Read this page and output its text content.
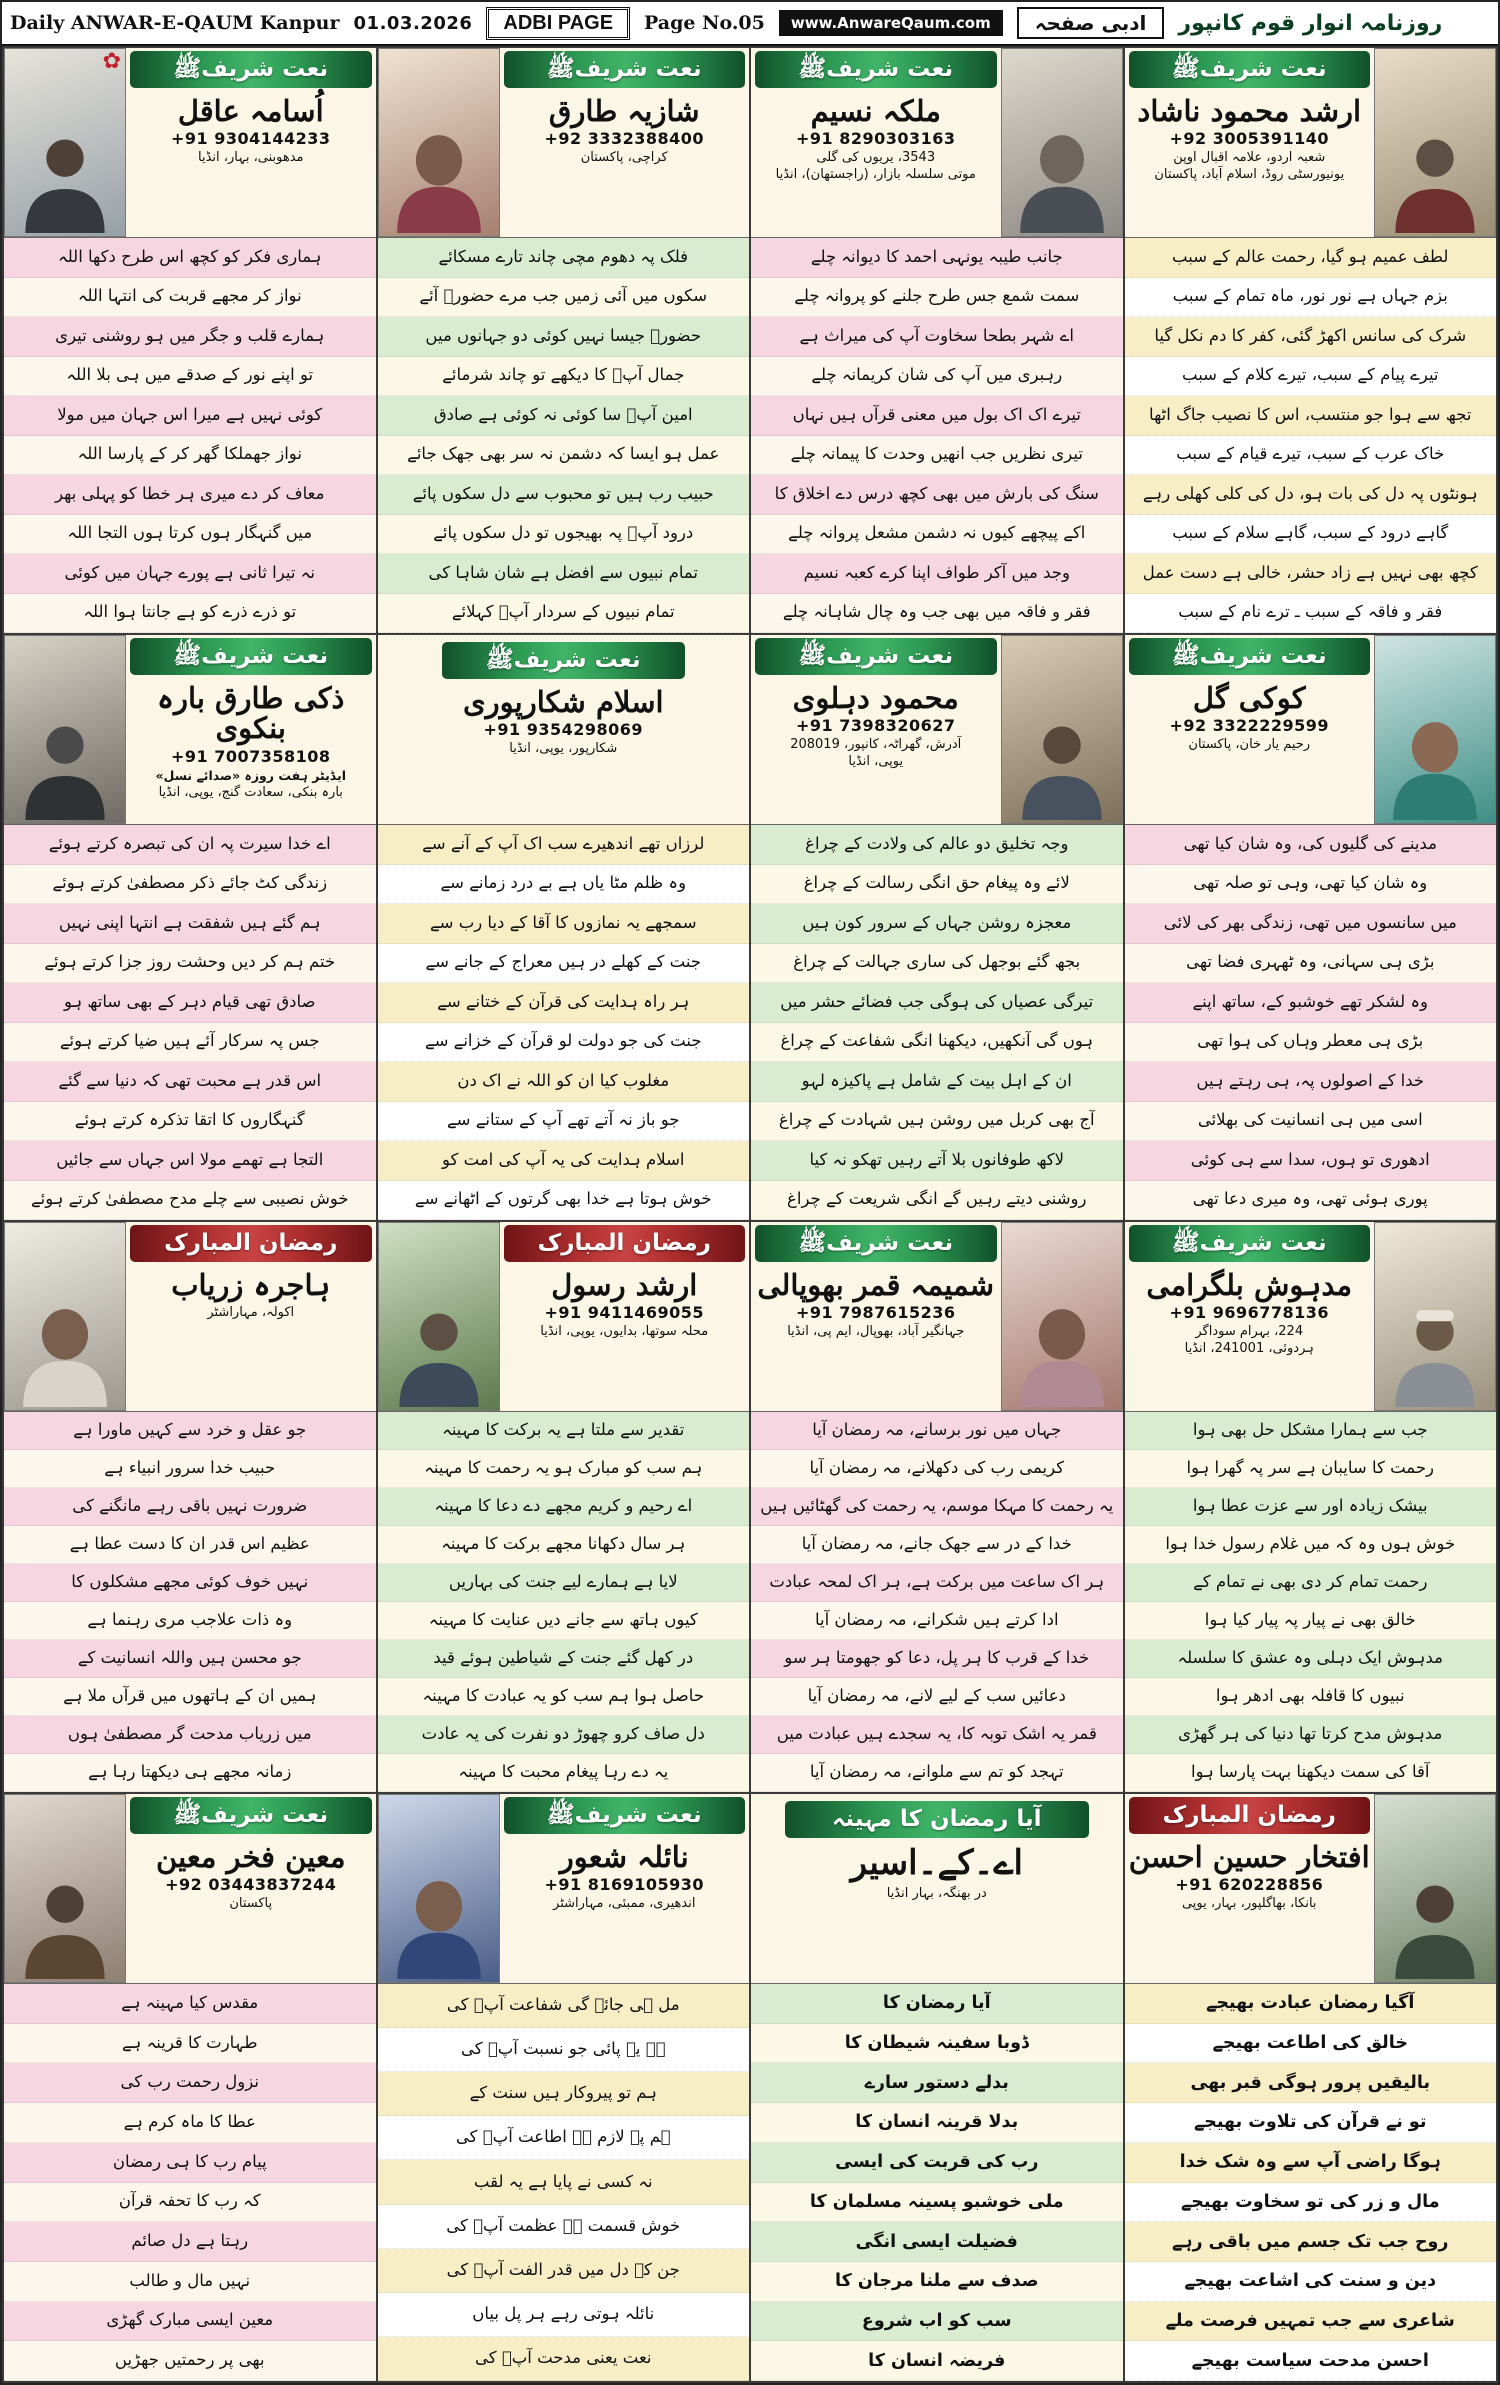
Daily ANWAR-E-QAUM Kanpur 01.03.2026	ADBI PAGE	Page No.05	www.AnwareQaum.com	ادبی صفحہ	روزنامہ انوار قوم کانپور
✿	نعت شریفﷺ
اُسامہ عاقل
+91 9304144233
مدھوبنی، بہار، انڈیا
ہماری فکر کو کچھ اس طرح دکھا اللہ
نواز کر مجھے قربت کی انتہا اللہ
ہمارے قلب و جگر میں ہو روشنی تیری
تو اپنے نور کے صدقے میں ہی بلا اللہ
کوئی نہیں ہے میرا اس جہان میں مولا
نواز جھملکا گھر کر کے پارسا اللہ
معاف کر دے میری ہر خطا کو پہلی بھر
میں گنہگار ہوں کرتا ہوں التجا اللہ
نہ تیرا ثانی ہے پورے جہان میں کوئی
تو ذرے ذرے کو ہے جانتا ہوا اللہ
نعت شریفﷺ
شازیہ طارق
+92 3332388400
کراچی، پاکستان
فلک پہ دھوم مچی چاند تارے مسکائے
سکوں میں آئی زمیں جب مرے حضورؐ آئے
حضورؐ جیسا نہیں کوئی دو جہانوں میں
جمال آپؐ کا دیکھے تو چاند شرمائے
امین آپؐ سا کوئی نہ کوئی ہے صادق
عمل ہو ایسا کہ دشمن نہ سر بھی جھک جائے
حبیب رب ہیں تو محبوب سے دل سکوں پائے
درود آپؐ پہ بھیجوں تو دل سکوں پائے
تمام نبیوں سے افضل ہے شان شاہا کی
تمام نبیوں کے سردار آپؐ کہلائے
نعت شریفﷺ
ملکہ نسیم
+91 8290303163
3543، یریوں کی گلی
موتی سلسلہ بازار، (راجستھان)، انڈیا
جانب طیبہ یونہی احمد کا دیوانہ چلے
سمت شمع جس طرح جلنے کو پروانہ چلے
اے شہر بطحا سخاوت آپ کی میراث ہے
رہبری میں آپ کی شان کریمانہ چلے
تیرے اک اک بول میں معنی قرآں ہیں نہاں
تیری نظریں جب انھیں وحدت کا پیمانہ چلے
سنگ کی بارش میں بھی کچھ درس دے اخلاق کا
اکے پیچھے کیوں نہ دشمن مشعل پروانہ چلے
وجد میں آکر طواف اپنا کرے کعبہ نسیم
فقر و فاقہ میں بھی جب وہ چال شاہانہ چلے
نعت شریفﷺ
ارشد محمود ناشاد
+92 3005391140
شعبہ اردو، علامہ اقبال اوپن
یونیورسٹی روڈ، اسلام آباد، پاکستان
لطف عمیم ہو گیا، رحمت عالم کے سبب
بزم جہاں ہے نور نور، ماہ تمام کے سبب
شرک کی سانس اکھڑ گئی، کفر کا دم نکل گیا
تیرے پیام کے سبب، تیرے کلام کے سبب
تجھ سے ہوا جو منتسب، اس کا نصیب جاگ اٹھا
خاک عرب کے سبب، تیرے قیام کے سبب
ہونٹوں پہ دل کی بات ہو، دل کی کلی کھلی رہے
گاہے درود کے سبب، گاہے سلام کے سبب
کچھ بھی نہیں ہے زاد حشر، خالی ہے دست عمل
فقر و فاقہ کے سبب ـ ترے نام کے سبب
نعت شریفﷺ
ذکی طارق بارہ بنکوی
+91 7007358108
ایڈیٹر ہفت روزہ «صدائے نسل»
بارہ بنکی، سعادت گنج، یوپی، انڈیا
اے خدا سیرت پہ ان کی تبصرہ کرتے ہوئے
زندگی کٹ جائے ذکر مصطفیٰ کرتے ہوئے
ہم گئے ہیں شفقت ہے انتہا اپنی نہیں
ختم ہم کر دیں وحشت روز جزا کرتے ہوئے
صادق تھی قیام دہر کے بھی ساتھ ہو
جس پہ سرکار آئے ہیں ضیا کرتے ہوئے
اس قدر ہے محبت تھی کہ دنیا سے گئے
گنہگاروں کا اتقا تذکرہ کرتے ہوئے
التجا ہے تھمے مولا اس جہاں سے جائیں
خوش نصیبی سے چلے مدح مصطفیٰ کرتے ہوئے
نعت شریفﷺ
اسلام شکارپوری
+91 9354298069
شکارپور، یوپی، انڈیا
لرزاں تھے اندھیرے سب اک آپ کے آنے سے
وہ ظلم مٹا یاں ہے بے درد زمانے سے
سمجھے یہ نمازوں کا آقا کے دیا رب سے
جنت کے کھلے در ہیں معراج کے جانے سے
ہر راہ ہدایت کی قرآن کے ختانے سے
جنت کی جو دولت لو قرآن کے خزانے سے
مغلوب کیا ان کو اللہ نے اک دن
جو باز نہ آتے تھے آپ کے ستانے سے
اسلام ہدایت کی یہ آپ کی امت کو
خوش ہوتا ہے خدا بھی گرتوں کے اٹھانے سے
نعت شریفﷺ
محمود دہلوی
+91 7398320627
آدرش، گھراٹہ، کانپور، 208019
یوپی، انڈیا
وجہ تخلیق دو عالم کی ولادت کے چراغ
لائے وہ پیغام حق انگی رسالت کے چراغ
معجزہ روشن جہاں کے سرور کون ہیں
بجھ گئے بوجھل کی ساری جہالت کے چراغ
تیرگی عصیاں کی ہوگی جب فضائے حشر میں
ہوں گی آنکھیں، دیکھنا انگی شفاعت کے چراغ
ان کے اہل بیت کے شامل ہے پاکیزہ لہو
آج بھی کربل میں روشن ہیں شہادت کے چراغ
لاکھ طوفانوں بلا آتے رہیں تھکو نہ کیا
روشنی دیتے رہیں گے انگی شریعت کے چراغ
نعت شریفﷺ
کوکی گل
+92 3322229599
رحیم یار خان، پاکستان
مدینے کی گلیوں کی، وہ شان کیا تھی
وہ شان کیا تھی، وہی تو صلہ تھی
میں سانسوں میں تھی، زندگی بھر کی لائی
بڑی ہی سہانی، وہ ٹھہری فضا تھی
وہ لشکر تھے خوشبو کے، ساتھ اپنے
بڑی ہی معطر وہاں کی ہوا تھی
خدا کے اصولوں پہ، ہی رہتے ہیں
اسی میں ہی انسانیت کی بھلائی
ادھوری تو ہوں، سدا سے ہی کوئی
پوری ہوئی تھی، وہ میری دعا تھی
رمضان المبارک
ہاجرہ زریاب
اکولہ، مہاراشٹر
جو عقل و خرد سے کہیں ماورا ہے
حبیب خدا سرور انبیاء ہے
ضرورت نہیں باقی رہے مانگنے کی
عظیم اس قدر ان کا دست عطا ہے
نہیں خوف کوئی مجھے مشکلوں کا
وہ ذات علاجب مری رہنما ہے
جو محسن ہیں واللہ انسانیت کے
ہمیں ان کے ہاتھوں میں قرآں ملا ہے
میں زریاب مدحت گر مصطفیٰ ہوں
زمانہ مجھے ہی دیکھتا رہا ہے
رمضان المبارک
ارشد رسول
+91 9411469055
محلہ سوتھا، بدایوں، یوپی، انڈیا
تقدیر سے ملتا ہے یہ برکت کا مہینہ
ہم سب کو مبارک ہو یہ رحمت کا مہینہ
اے رحیم و کریم مجھے دے دعا کا مہینہ
ہر سال دکھانا مجھے برکت کا مہینہ
لایا ہے ہمارے لیے جنت کی بہاریں
کیوں ہاتھ سے جانے دیں عنایت کا مہینہ
در کھل گئے جنت کے شیاطین ہوئے قید
حاصل ہوا ہم سب کو یہ عبادت کا مہینہ
دل صاف کرو چھوڑ دو نفرت کی یہ عادت
یہ دے رہا پیغام محبت کا مہینہ
نعت شریفﷺ
شمیمہ قمر بھوپالی
+91 7987615236
جہانگیر آباد، بھوپال، ایم پی، انڈیا
جہاں میں نور برسانے، مہ رمضان آیا
کریمی رب کی دکھلانے، مہ رمضان آیا
یہ رحمت کا مہکا موسم، یہ رحمت کی گھٹائیں ہیں
خدا کے در سے جھک جانے، مہ رمضان آیا
ہر اک ساعت میں برکت ہے، ہر اک لمحہ عبادت
ادا کرتے ہیں شکرانے، مہ رمضان آیا
خدا کے قرب کا ہر پل، دعا کو جھومتا ہر سو
دعائیں سب کے لیے لانے، مہ رمضان آیا
قمر یہ اشک توبہ کا، یہ سجدے ہیں عبادت میں
تہجد کو تم سے ملوانے، مہ رمضان آیا
نعت شریفﷺ
مدہوش بلگرامی
+91 9696778136
224، بہرام سوداگر
ہردوئی، 241001، انڈیا
جب سے ہمارا مشکل حل بھی ہوا
رحمت کا سایبان ہے سر پہ گھرا ہوا
بیشک زیادہ اور سے عزت عطا ہوا
خوش ہوں وہ کہ میں غلام رسول خدا ہوا
رحمت تمام کر دی بھی نے تمام کے
خالق بھی نے پیار پہ پیار کیا ہوا
مدہوش ایک دہلی وہ عشق کا سلسلہ
نبیوں کا قافلہ بھی ادھر ہوا
مدہوش مدح کرتا تھا دنیا کی ہر گھڑی
آقا کی سمت دیکھنا بہت پارسا ہوا
نعت شریفﷺ
معین فخر معین
+92 03443837244
پاکستان
مقدس کیا مہینہ ہے
طہارت کا قرینہ ہے
نزول رحمت رب کی
عطا کا ماہ کرم ہے
پیام رب کا ہی رمضان
کہ رب کا تحفہ قرآن
رہتا ہے دل صائم
نہیں مال و طالب
معین ایسی مبارک گھڑی
بھی پر رحمتیں جھڑیں
نعت شریفﷺ
نائلہ شعور
+91 8169105930
اندھیری، ممبئی، مہاراشٹر
مل ہی جائے گی شفاعت آپؐ کی
ہے یہ پائی جو نسبت آپؐ کی
ہم تو پیروکار ہیں سنت کے
ہم پہ لازم ہے اطاعت آپؐ کی
نہ کسی نے پایا ہے یہ لقب
خوش قسمت ہے عظمت آپؐ کی
جن کے دل میں قدر الفت آپؐ کی
نائلہ ہوتی رہے ہر پل بیاں
نعت یعنی مدحت آپؐ کی
آیا رمضان کا مہینہ
اے۔کے۔اسیر
در بھنگہ، بہار انڈیا
آیا رمضان کا
ڈوبا سفینہ شیطان کا
بدلے دستور سارے
بدلا قرینہ انسان کا
رب کی قربت کی ایسی
ملی خوشبو پسینہ مسلمان کا
فضیلت ایسی انگی
صدف سے ملنا مرجان کا
سب کو اب شروع
فریضہ انسان کا
رمضان المبارک
افتخار حسین احسن
+91 620228856
بانکا، بھاگلپور، بہار، یوپی
آگیا رمضان عبادت بھیجے
خالق کی اطاعت بھیجے
بالیقیں پرور ہوگی قبر بھی
تو نے قرآن کی تلاوت بھیجے
ہوگا راضی آپ سے وہ شک خدا
مال و زر کی تو سخاوت بھیجے
روح جب تک جسم میں باقی رہے
دین و سنت کی اشاعت بھیجے
شاعری سے جب تمہیں فرصت ملے
احسن مدحت سیاست بھیجے
